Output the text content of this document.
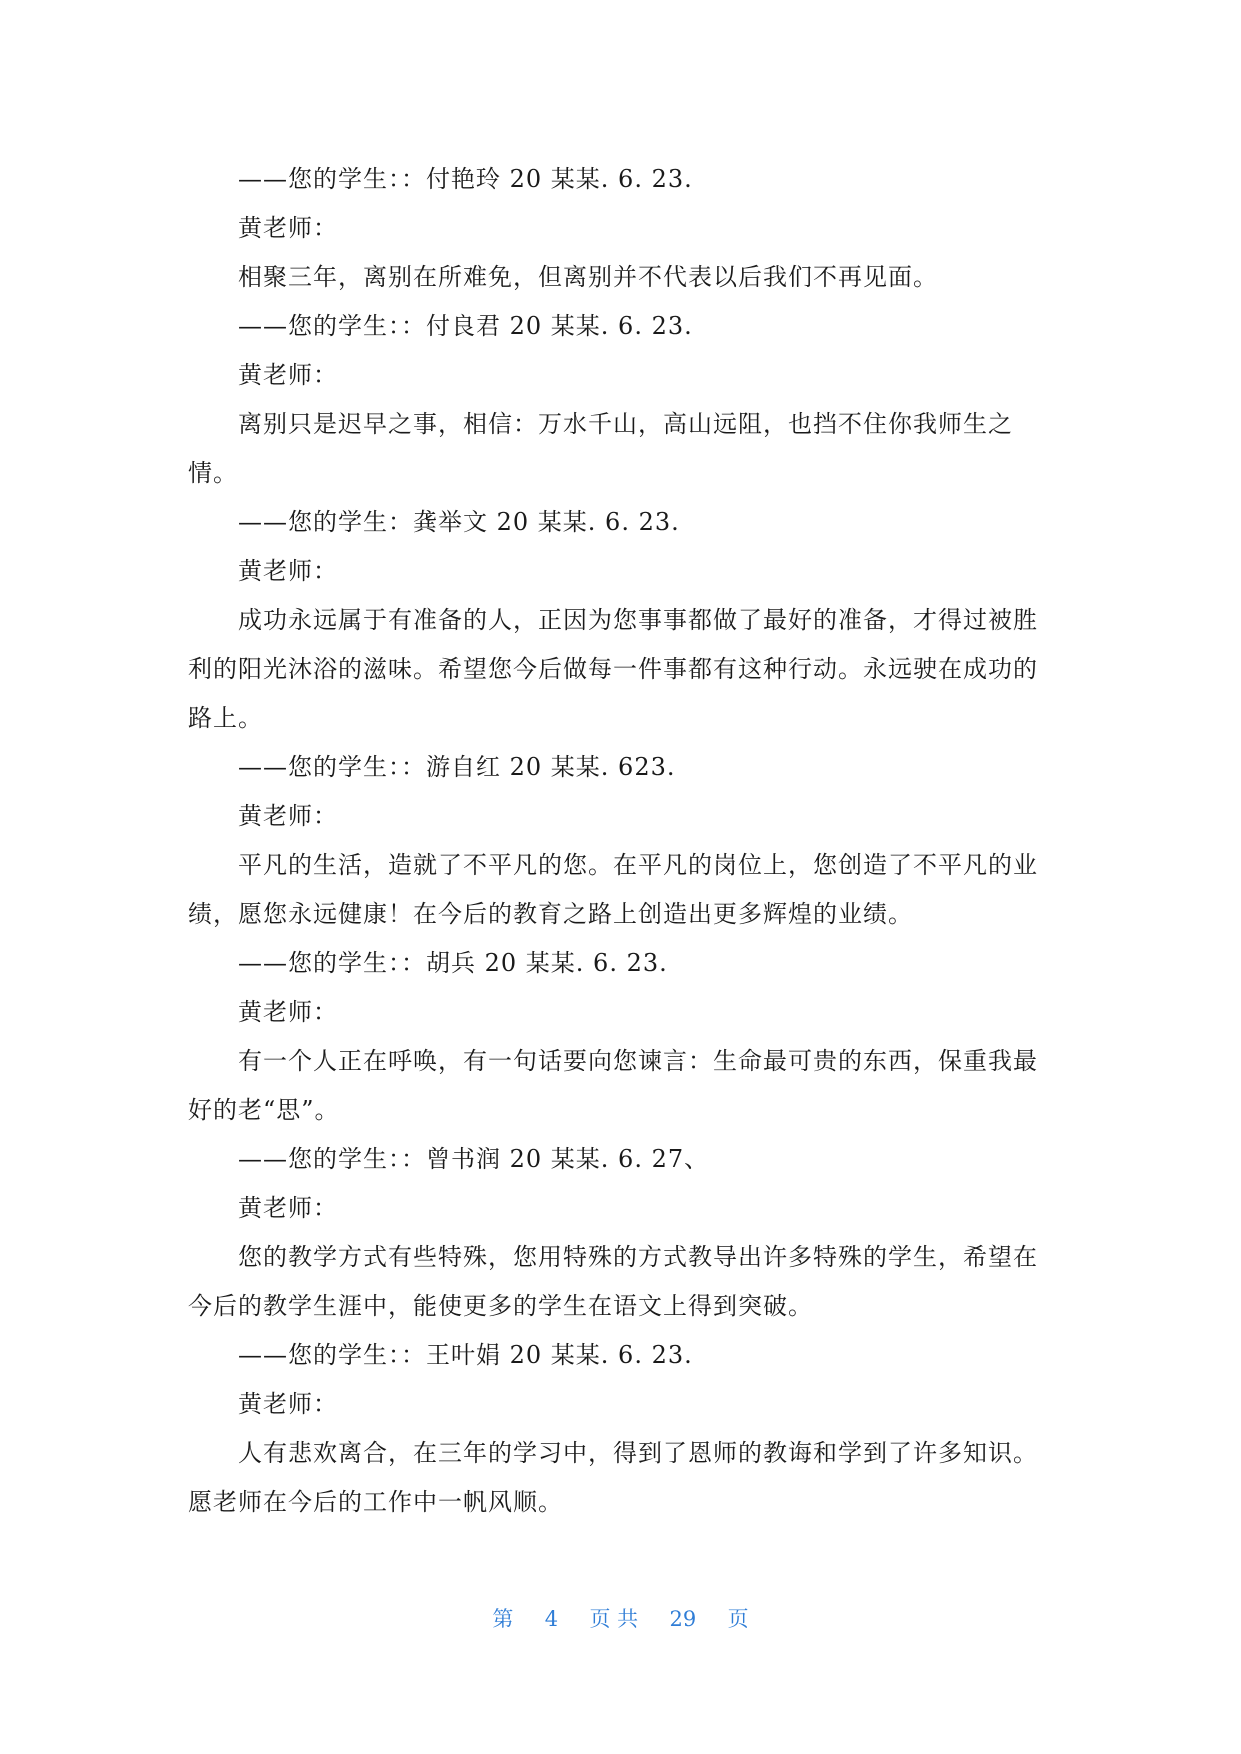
——您的学生：：付艳玲 20 某某. 6. 23.

黄老师：

相聚三年，离别在所难免，但离别并不代表以后我们不再见面。

——您的学生：：付良君 20 某某. 6. 23.

黄老师：

离别只是迟早之事，相信：万水千山，高山远阻，也挡不住你我师生之情。

——您的学生：龚举文 20 某某. 6. 23.

黄老师：

成功永远属于有准备的人，正因为您事事都做了最好的准备，才得过被胜利的阳光沐浴的滋味。希望您今后做每一件事都有这种行动。永远驶在成功的路上。

——您的学生：：游自红 20 某某. 623.

黄老师：

平凡的生活，造就了不平凡的您。在平凡的岗位上，您创造了不平凡的业绩，愿您永远健康！在今后的教育之路上创造出更多辉煌的业绩。

——您的学生：：胡兵 20 某某. 6. 23.

黄老师：

有一个人正在呼唤，有一句话要向您谏言：生命最可贵的东西，保重我最好的老“思”。

——您的学生：：曾书润 20 某某. 6. 27、

黄老师：

您的教学方式有些特殊，您用特殊的方式教导出许多特殊的学生，希望在今后的教学生涯中，能使更多的学生在语文上得到突破。

——您的学生：：王叶娟 20 某某. 6. 23.

黄老师：

人有悲欢离合，在三年的学习中，得到了恩师的教诲和学到了许多知识。愿老师在今后的工作中一帆风顺。

第 4 页 共 29 页
